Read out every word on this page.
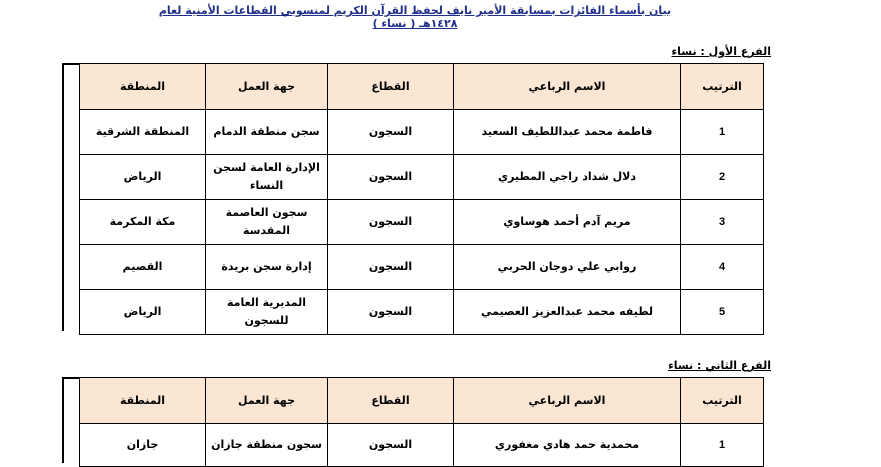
بيان بأسماء الفائزات بمسابقة الأمير نايف لحفظ القرآن الكريم لمنسوبي القطاعات الأمنية لعام ١٤٢٨هـ ( نساء )
الفرع الأول : نساء
الترتيب	الاسم الرباعي	القطاع	جهة العمل	المنطقة
1	فاطمة محمد عبداللطيف السعيد	السجون	سجن منطقة الدمام	المنطقة الشرقية
2	دلال شداد راجي المطيري	السجون	الإدارة العامة لسجن النساء	الرياض
3	مريم آدم أحمد هوساوي	السجون	سجون العاصمة المقدسة	مكة المكرمة
4	روابي علي دوجان الحربي	السجون	إدارة سجن بريدة	القصيم
5	لطيفه محمد عبدالعزيز العصيمي	السجون	المديرية العامة للسجون	الرياض
الفرع الثاني : نساء
الترتيب	الاسم الرباعي	القطاع	جهة العمل	المنطقة
1	محمدية حمد هادي مغفوري	السجون	سجون منطقة جازان	جازان
